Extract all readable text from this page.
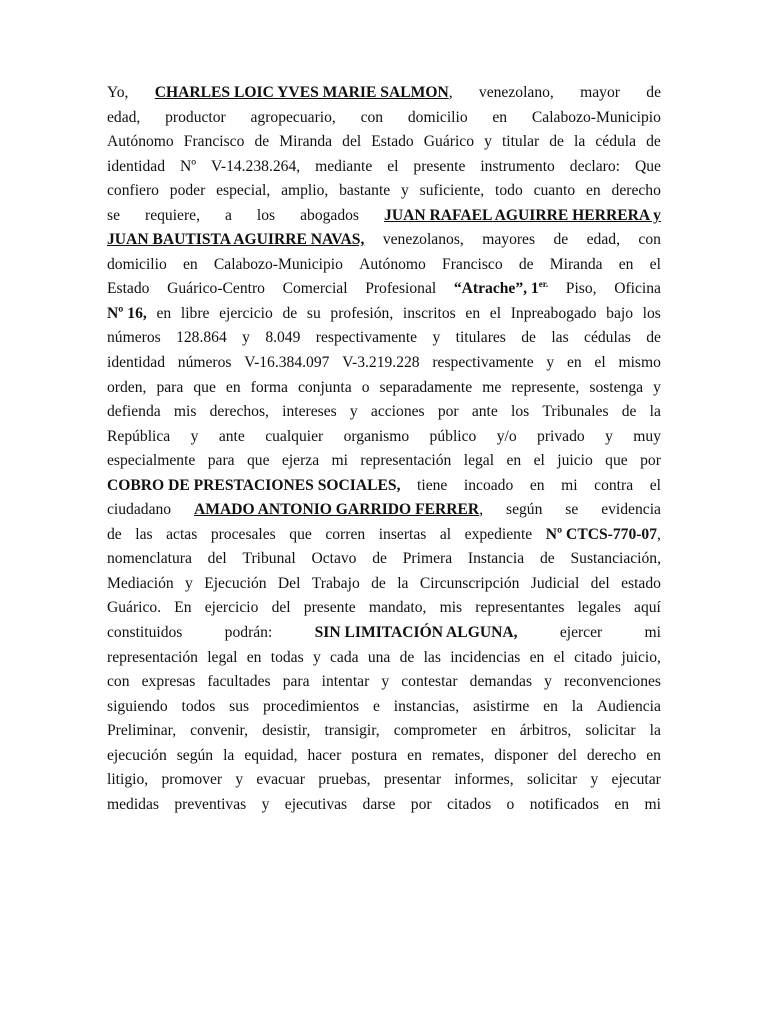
Yo, CHARLES LOIC YVES MARIE SALMON, venezolano, mayor de
edad, productor agropecuario, con domicilio en Calabozo-Municipio
Autónomo Francisco de Miranda del Estado Guárico y titular de la cédula de
identidad Nº V-14.238.264, mediante el presente instrumento declaro: Que
confiero poder especial, amplio, bastante y suficiente, todo cuanto en derecho
se requiere, a los abogados JUAN RAFAEL AGUIRRE HERRERA y
JUAN BAUTISTA AGUIRRE NAVAS, venezolanos, mayores de edad, con
domicilio en Calabozo-Municipio Autónomo Francisco de Miranda en el
Estado Guárico-Centro Comercial Profesional “Atrache”, $1^{er.}$ Piso, Oficina
Nº 16, en libre ejercicio de su profesión, inscritos en el Inpreabogado bajo los
números 128.864 y 8.049 respectivamente y titulares de las cédulas de
identidad números V-16.384.097 V-3.219.228 respectivamente y en el mismo
orden, para que en forma conjunta o separadamente me represente, sostenga y
defienda mis derechos, intereses y acciones por ante los Tribunales de la
República y ante cualquier organismo público y/o privado y muy
especialmente para que ejerza mi representación legal en el juicio que por
COBRO DE PRESTACIONES SOCIALES, tiene incoado en mi contra el
ciudadano AMADO ANTONIO GARRIDO FERRER, según se evidencia
de las actas procesales que corren insertas al expediente Nº CTCS-770-07,
nomenclatura del Tribunal Octavo de Primera Instancia de Sustanciación,
Mediación y Ejecución Del Trabajo de la Circunscripción Judicial del estado
Guárico. En ejercicio del presente mandato, mis representantes legales aquí
constituidos	podrán:	SIN LIMITACIÓN ALGUNA,	ejercer	mi
representación legal en todas y cada una de las incidencias en el citado juicio,
con expresas facultades para intentar y contestar demandas y reconvenciones
siguiendo todos sus procedimientos e instancias, asistirme en la Audiencia
Preliminar, convenir, desistir, transigir, comprometer en árbitros, solicitar la
ejecución según la equidad, hacer postura en remates, disponer del derecho en
litigio, promover y evacuar pruebas, presentar informes, solicitar y ejecutar
medidas preventivas y ejecutivas darse por citados o notificados en mi
